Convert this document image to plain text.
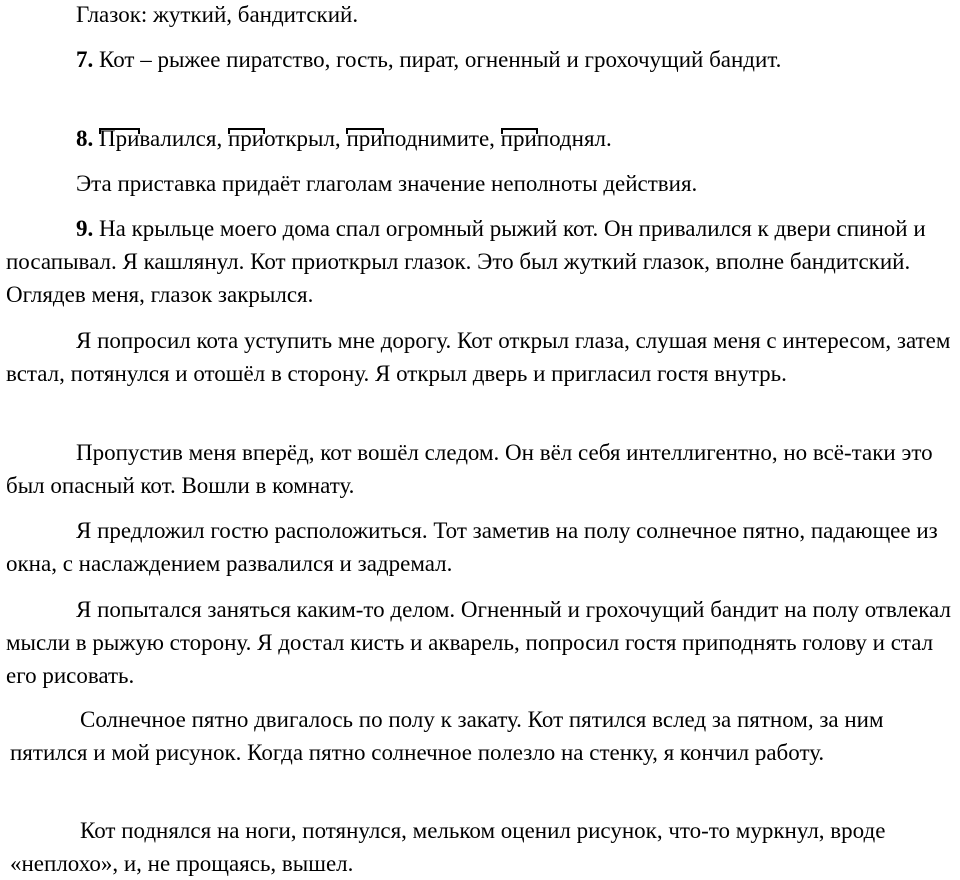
Глазок: жуткий, бандитский.

7. Кот – рыжее пиратство, гость, пират, огненный и грохочущий бандит.

8. Привалился, приоткрыл, приподнимите, приподнял.

Эта приставка придаёт глаголам значение неполноты действия.

9. На крыльце моего дома спал огромный рыжий кот. Он привалился к двери спиной и посапывал. Я кашлянул. Кот приоткрыл глазок. Это был жуткий глазок, вполне бандитский. Оглядев меня, глазок закрылся.

Я попросил кота уступить мне дорогу. Кот открыл глаза, слушая меня с интересом, затем встал, потянулся и отошёл в сторону. Я открыл дверь и пригласил гостя внутрь.

Пропустив меня вперёд, кот вошёл следом. Он вёл себя интеллигентно, но всё-таки это был опасный кот. Вошли в комнату.

Я предложил гостю расположиться. Тот заметив на полу солнечное пятно, падающее из окна, с наслаждением развалился и задремал.

Я попытался заняться каким-то делом. Огненный и грохочущий бандит на полу отвлекал мысли в рыжую сторону. Я достал кисть и акварель, попросил гостя приподнять голову и стал его рисовать.

Солнечное пятно двигалось по полу к закату. Кот пятился вслед за пятном, за ним пятился и мой рисунок. Когда пятно солнечное полезло на стенку, я кончил работу.

Кот поднялся на ноги, потянулся, мельком оценил рисунок, что-то муркнул, вроде «неплохо», и, не прощаясь, вышел.
